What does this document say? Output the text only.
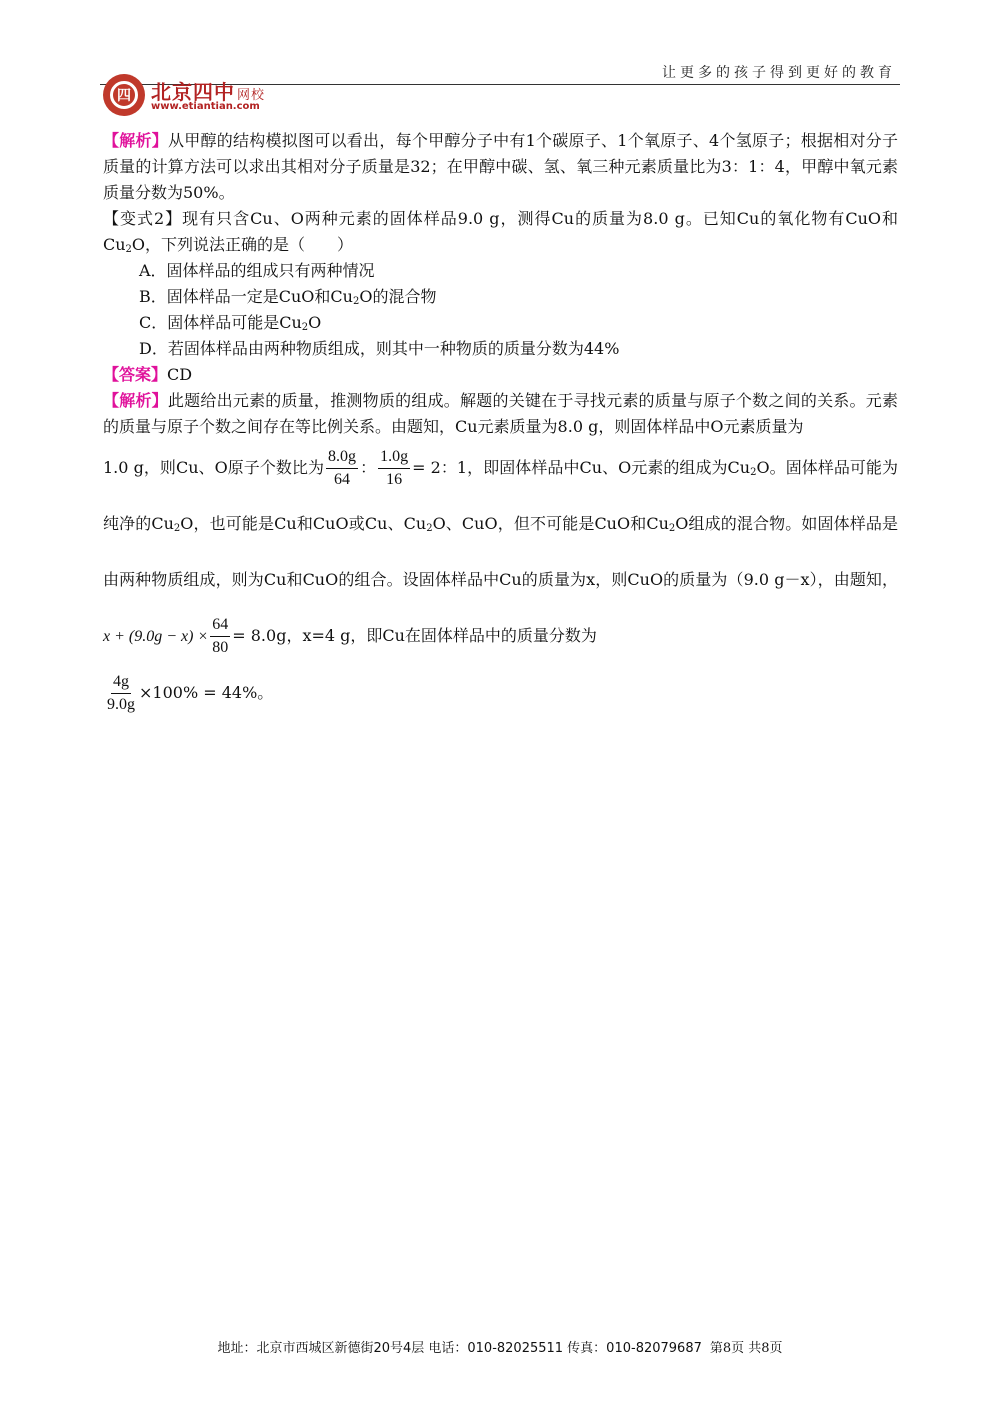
让更多的孩子得到更好的教育
四	北京四中 网校
www.etiantian.com

【解析】从甲醇的结构模拟图可以看出，每个甲醇分子中有1个碳原子、1个氧原子、4个氢原子；根据相对分子质量的计算方法可以求出其相对分子质量是32；在甲醇中碳、氢、氧三种元素质量比为3：1：4，甲醇中氧元素质量分数为50%。

【变式2】现有只含Cu、O两种元素的固体样品9.0 g，测得Cu的质量为8.0 g。已知Cu的氧化物有CuO和$Cu_2O$，下列说法正确的是（　　）

A．固体样品的组成只有两种情况
B．固体样品一定是CuO和$Cu_2O$的混合物
C．固体样品可能是$Cu_2O$
D．若固体样品由两种物质组成，则其中一种物质的质量分数为44%

【答案】CD

【解析】此题给出元素的质量，推测物质的组成。解题的关键在于寻找元素的质量与原子个数之间的关系。元素的质量与原子个数之间存在等比例关系。由题知，Cu元素质量为8.0 g，则固体样品中O元素质量为

1.0 g，则Cu、O原子个数比为 $\frac{8.0g}{64}$ ： $\frac{1.0g}{16} = 2$：1，即固体样品中Cu、O元素的组成为$Cu_2O$。固体样品可能为纯净的$Cu_2O$，也可能是Cu和CuO或Cu、$Cu_2O$、CuO，但不可能是CuO和$Cu_2O$组成的混合物。如固体样品是由两种物质组成，则为Cu和CuO的组合。设固体样品中Cu的质量为x，则CuO的质量为（9.0 g－x），由题知，$x + (9.0g - x) \times \frac{64}{80} = 8.0g$，x=4 g，即Cu在固体样品中的质量分数为

$\frac{4g}{9.0g} \times 100\% = 44\%$。

地址：北京市西城区新德街20号4层 电话：010-82025511 传真：010-82079687 第8页 共8页
